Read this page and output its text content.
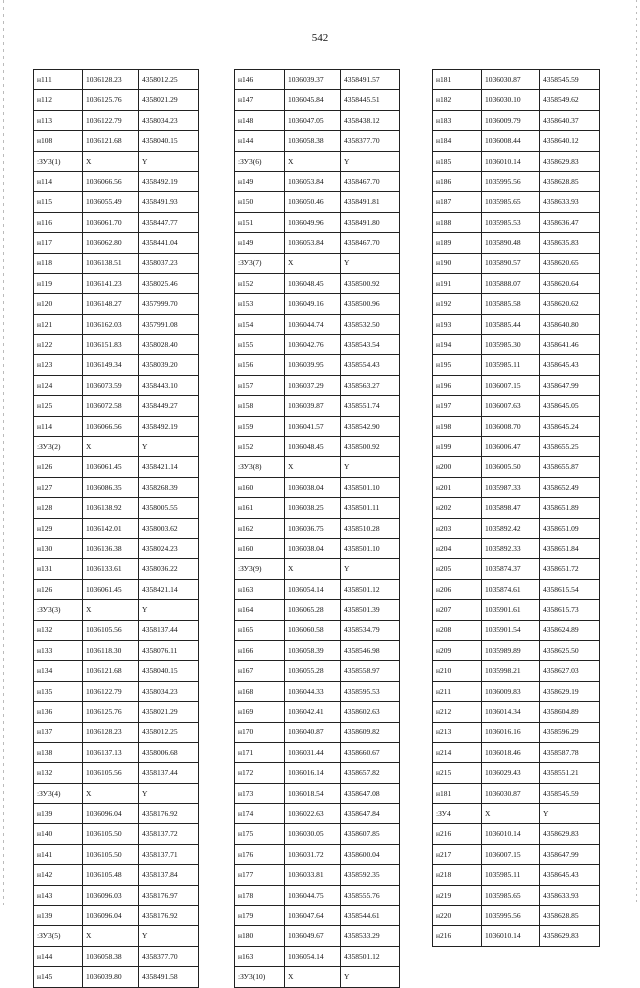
542
н111	1036128.23	4358012.25
н112	1036125.76	4358021.29
н113	1036122.79	4358034.23
н108	1036121.68	4358040.15
:ЗУ3(1)	X	Y
н114	1036066.56	4358492.19
н115	1036055.49	4358491.93
н116	1036061.70	4358447.77
н117	1036062.80	4358441.04
н118	1036138.51	4358037.23
н119	1036141.23	4358025.46
н120	1036148.27	4357999.70
н121	1036162.03	4357991.08
н122	1036151.83	4358028.40
н123	1036149.34	4358039.20
н124	1036073.59	4358443.10
н125	1036072.58	4358449.27
н114	1036066.56	4358492.19
:ЗУ3(2)	X	Y
н126	1036061.45	4358421.14
н127	1036086.35	4358268.39
н128	1036138.92	4358005.55
н129	1036142.01	4358003.62
н130	1036136.38	4358024.23
н131	1036133.61	4358036.22
н126	1036061.45	4358421.14
:ЗУ3(3)	X	Y
н132	1036105.56	4358137.44
н133	1036118.30	4358076.11
н134	1036121.68	4358040.15
н135	1036122.79	4358034.23
н136	1036125.76	4358021.29
н137	1036128.23	4358012.25
н138	1036137.13	4358006.68
н132	1036105.56	4358137.44
:ЗУ3(4)	X	Y
н139	1036096.04	4358176.92
н140	1036105.50	4358137.72
н141	1036105.50	4358137.71
н142	1036105.48	4358137.84
н143	1036096.03	4358176.97
н139	1036096.04	4358176.92
:ЗУ3(5)	X	Y
н144	1036058.38	4358377.70
н145	1036039.80	4358491.58
н146	1036039.37	4358491.57
н147	1036045.84	4358445.51
н148	1036047.05	4358438.12
н144	1036058.38	4358377.70
:ЗУ3(6)	X	Y
н149	1036053.84	4358467.70
н150	1036050.46	4358491.81
н151	1036049.96	4358491.80
н149	1036053.84	4358467.70
:ЗУ3(7)	X	Y
н152	1036048.45	4358500.92
н153	1036049.16	4358500.96
н154	1036044.74	4358532.50
н155	1036042.76	4358543.54
н156	1036039.95	4358554.43
н157	1036037.29	4358563.27
н158	1036039.87	4358551.74
н159	1036041.57	4358542.90
н152	1036048.45	4358500.92
:ЗУ3(8)	X	Y
н160	1036038.04	4358501.10
н161	1036038.25	4358501.11
н162	1036036.75	4358510.28
н160	1036038.04	4358501.10
:ЗУ3(9)	X	Y
н163	1036054.14	4358501.12
н164	1036065.28	4358501.39
н165	1036060.58	4358534.79
н166	1036058.39	4358546.98
н167	1036055.28	4358558.97
н168	1036044.33	4358595.53
н169	1036042.41	4358602.63
н170	1036040.87	4358609.82
н171	1036031.44	4358660.67
н172	1036016.14	4358657.82
н173	1036018.54	4358647.08
н174	1036022.63	4358647.84
н175	1036030.05	4358607.85
н176	1036031.72	4358600.04
н177	1036033.81	4358592.35
н178	1036044.75	4358555.76
н179	1036047.64	4358544.61
н180	1036049.67	4358533.29
н163	1036054.14	4358501.12
:ЗУ3(10)	X	Y
н181	1036030.87	4358545.59
н182	1036030.10	4358549.62
н183	1036009.79	4358640.37
н184	1036008.44	4358640.12
н185	1036010.14	4358629.83
н186	1035995.56	4358628.85
н187	1035985.65	4358633.93
н188	1035985.53	4358636.47
н189	1035890.48	4358635.83
н190	1035890.57	4358620.65
н191	1035888.07	4358620.64
н192	1035885.58	4358620.62
н193	1035885.44	4358640.80
н194	1035985.30	4358641.46
н195	1035985.11	4358645.43
н196	1036007.15	4358647.99
н197	1036007.63	4358645.05
н198	1036008.70	4358645.24
н199	1036006.47	4358655.25
н200	1036005.50	4358655.87
н201	1035987.33	4358652.49
н202	1035898.47	4358651.89
н203	1035892.42	4358651.09
н204	1035892.33	4358651.84
н205	1035874.37	4358651.72
н206	1035874.61	4358615.54
н207	1035901.61	4358615.73
н208	1035901.54	4358624.89
н209	1035989.89	4358625.50
н210	1035998.21	4358627.03
н211	1036009.83	4358629.19
н212	1036014.34	4358604.89
н213	1036016.16	4358596.29
н214	1036018.46	4358587.78
н215	1036029.43	4358551.21
н181	1036030.87	4358545.59
:ЗУ4	X	Y
н216	1036010.14	4358629.83
н217	1036007.15	4358647.99
н218	1035985.11	4358645.43
н219	1035985.65	4358633.93
н220	1035995.56	4358628.85
н216	1036010.14	4358629.83
